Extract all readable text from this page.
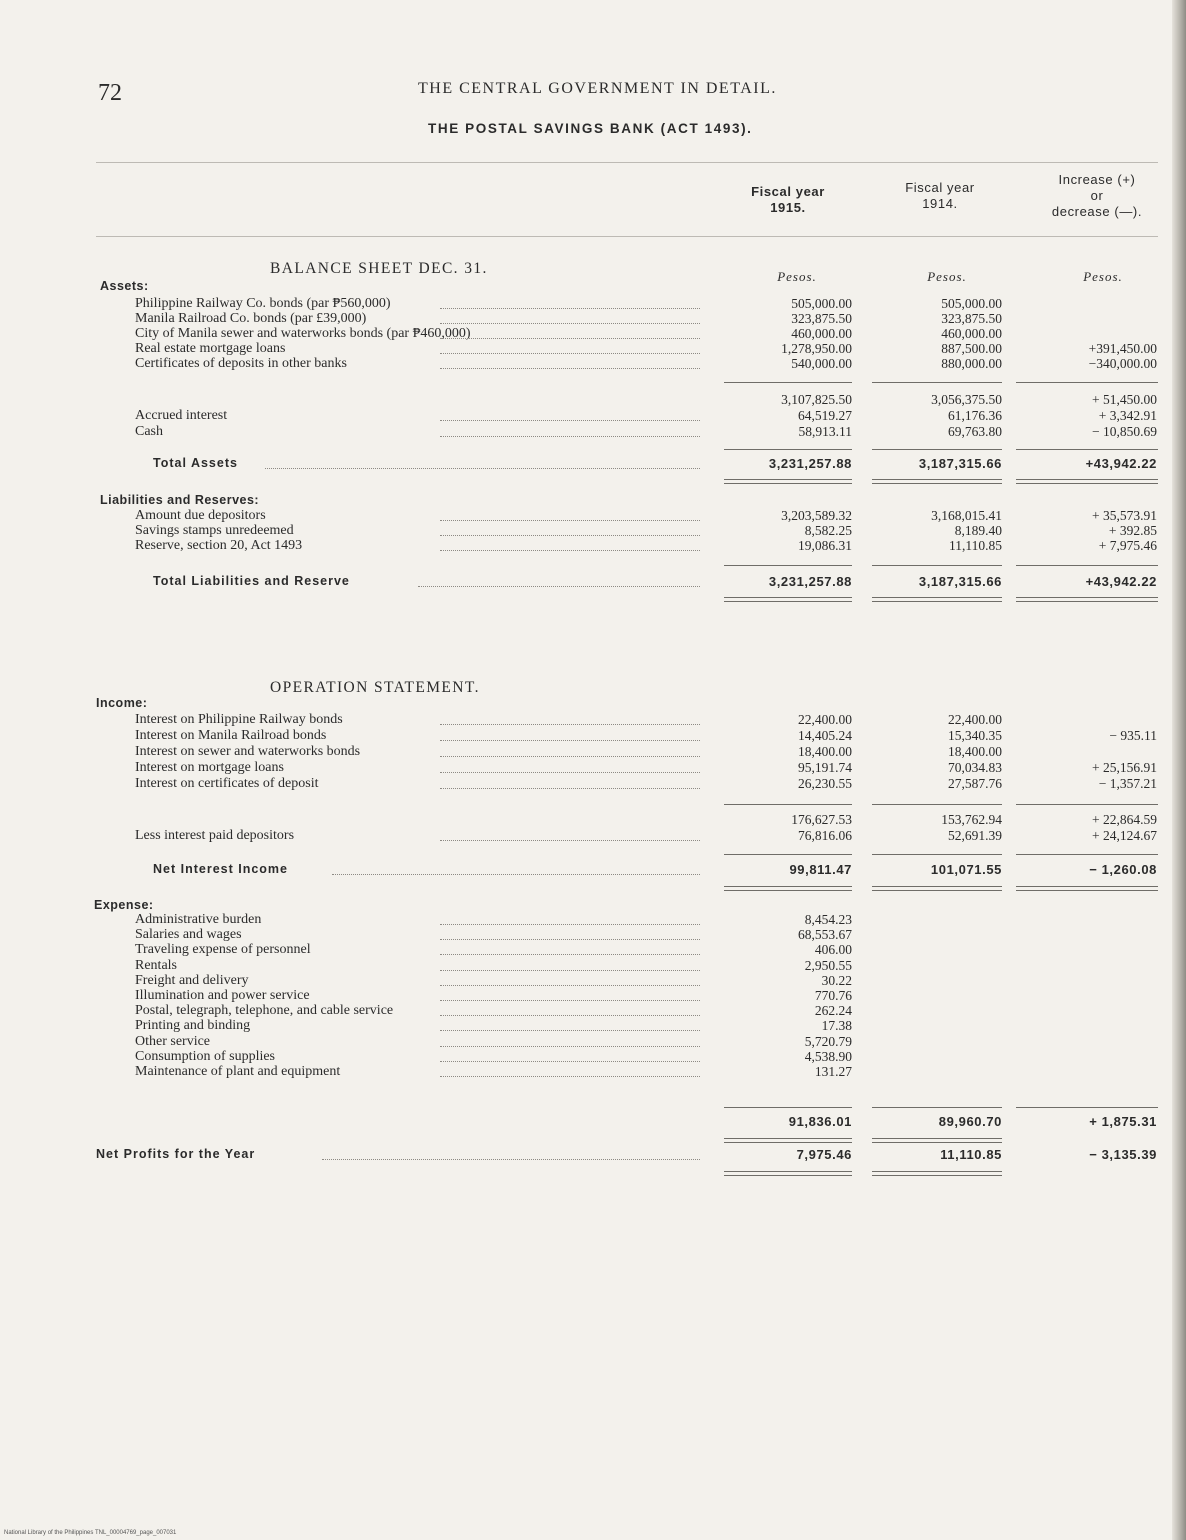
72	THE CENTRAL GOVERNMENT IN DETAIL.
THE POSTAL SAVINGS BANK (ACT 1493).
Fiscal year
1915.
Fiscal year
1914.
Increase (+)
or
decrease (—).
BALANCE SHEET DEC. 31.	Pesos.	Pesos.	Pesos.
Assets:
Philippine Railway Co. bonds (par ₱560,000)	505,000.00	505,000.00
Manila Railroad Co. bonds (par £39,000)	323,875.50	323,875.50
City of Manila sewer and waterworks bonds (par ₱460,000)	460,000.00	460,000.00
Real estate mortgage loans	1,278,950.00	887,500.00	+391,450.00
Certificates of deposits in other banks	540,000.00	880,000.00	−340,000.00
3,107,825.50	3,056,375.50	+ 51,450.00
Accrued interest	64,519.27	61,176.36	+ 3,342.91
Cash	58,913.11	69,763.80	− 10,850.69
Total Assets	3,231,257.88	3,187,315.66	+43,942.22
Liabilities and Reserves:
Amount due depositors	3,203,589.32	3,168,015.41	+ 35,573.91
Savings stamps unredeemed	8,582.25	8,189.40	+ 392.85
Reserve, section 20, Act 1493	19,086.31	11,110.85	+ 7,975.46
Total Liabilities and Reserve	3,231,257.88	3,187,315.66	+43,942.22
OPERATION STATEMENT.
Income:
Interest on Philippine Railway bonds	22,400.00	22,400.00
Interest on Manila Railroad bonds	14,405.24	15,340.35	− 935.11
Interest on sewer and waterworks bonds	18,400.00	18,400.00
Interest on mortgage loans	95,191.74	70,034.83	+ 25,156.91
Interest on certificates of deposit	26,230.55	27,587.76	− 1,357.21
176,627.53	153,762.94	+ 22,864.59
Less interest paid depositors	76,816.06	52,691.39	+ 24,124.67
Net Interest Income	99,811.47	101,071.55	− 1,260.08
Expense:
Administrative burden	8,454.23
Salaries and wages	68,553.67
Traveling expense of personnel	406.00
Rentals	2,950.55
Freight and delivery	30.22
Illumination and power service	770.76
Postal, telegraph, telephone, and cable service	262.24
Printing and binding	17.38
Other service	5,720.79
Consumption of supplies	4,538.90
Maintenance of plant and equipment	131.27
91,836.01	89,960.70	+ 1,875.31
Net Profits for the Year	7,975.46	11,110.85	− 3,135.39
National Library of the Philippines TNL_00004769_page_007031
